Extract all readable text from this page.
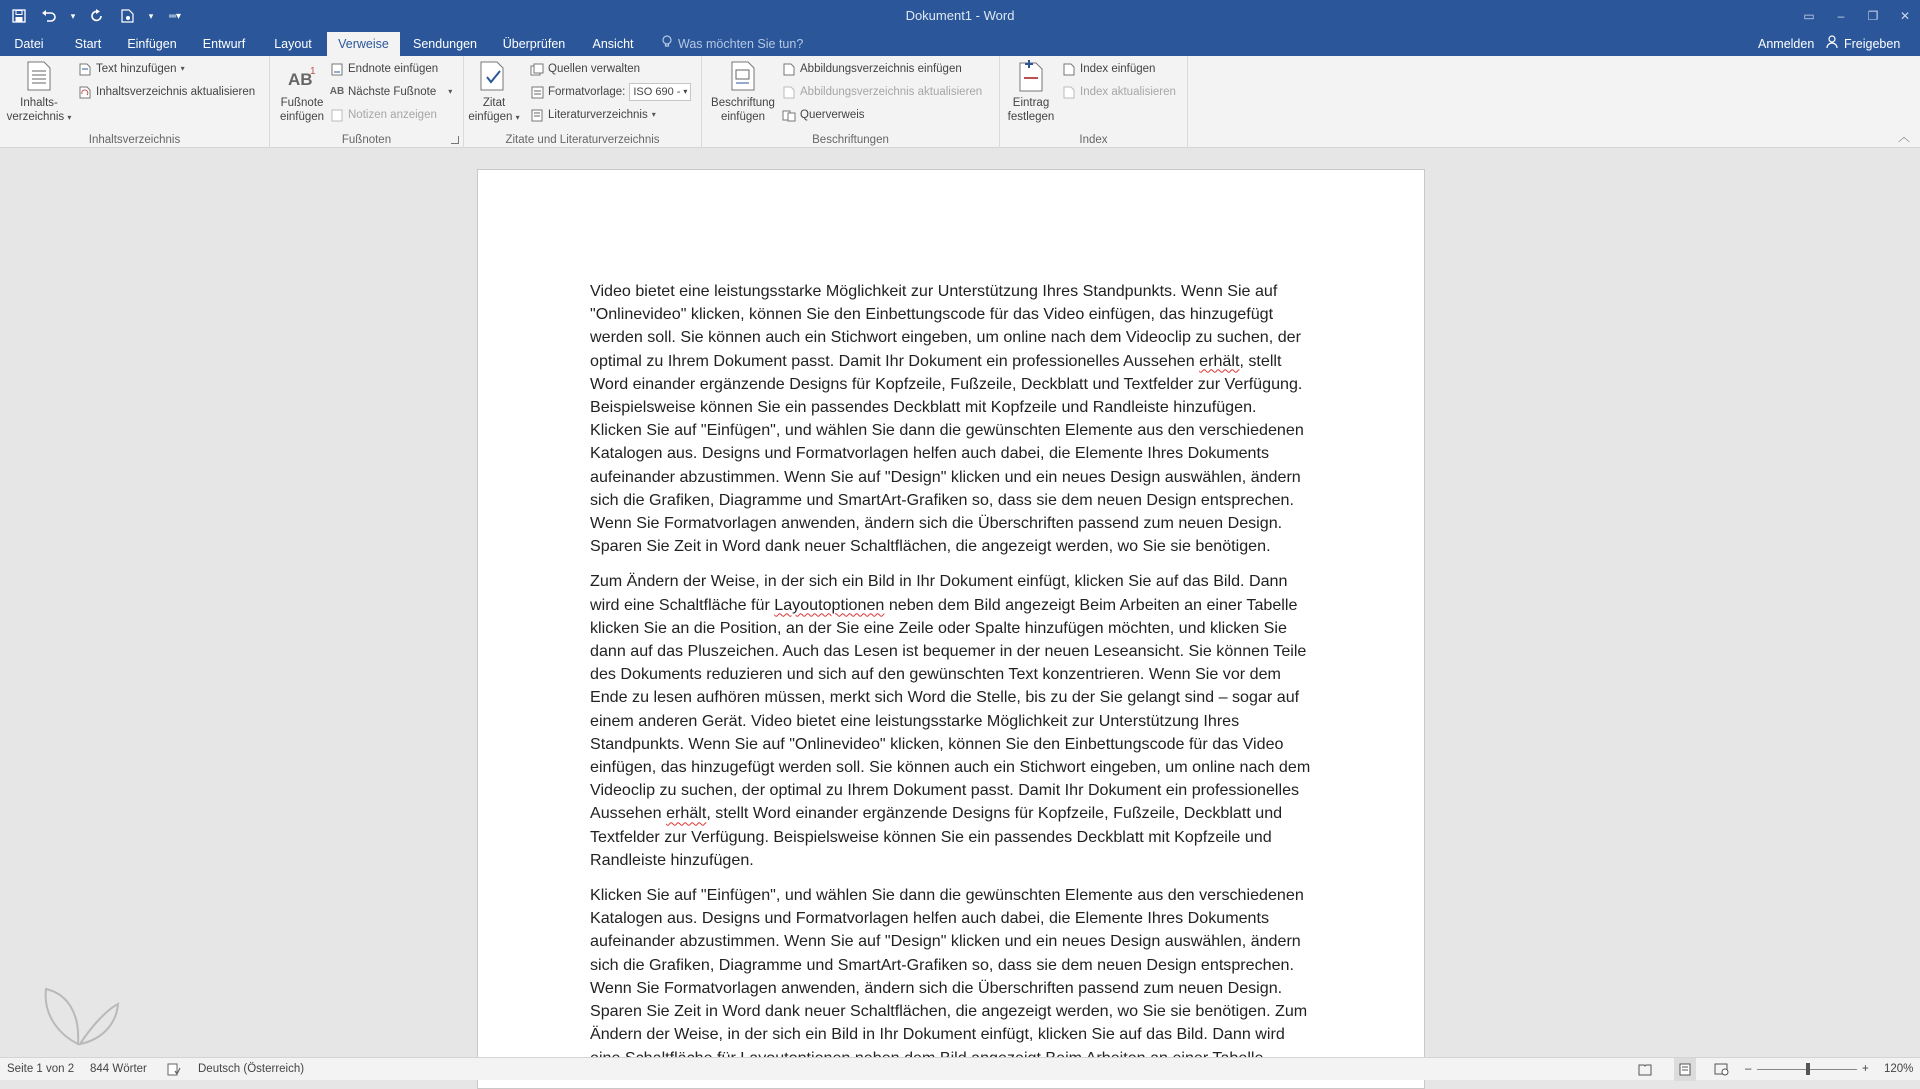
▾	▾	═▾	Dokument1 - Word	▭	–	❐	✕
Datei	Start	Einfügen	Entwurf	Layout	Verweise	Sendungen	Überprüfen	Ansicht	Was möchten Sie tun?	Anmelden Freigeben
Inhalts-
verzeichnis ▾
Text hinzufügen ▾
Inhaltsverzeichnis aktualisieren
Inhaltsverzeichnis
AB
1
Fußnote
einfügen
Endnote einfügen
AB Nächste Fußnote ▾
Notizen anzeigen
Fußnoten
Zitat
einfügen ▾
Quellen verwalten
Formatvorlage: ISO 690 - ▾
Literaturverzeichnis ▾
Zitate und Literaturverzeichnis
Beschriftung
einfügen
Abbildungsverzeichnis einfügen
Abbildungsverzeichnis aktualisieren
Querverweis
Beschriftungen
Eintrag
festlegen
Index einfügen
Index aktualisieren
Index	︿

Video bietet eine leistungsstarke Möglichkeit zur Unterstützung Ihres Standpunkts. Wenn Sie auf "Onlinevideo" klicken, können Sie den Einbettungscode für das Video einfügen, das hinzugefügt werden soll. Sie können auch ein Stichwort eingeben, um online nach dem Videoclip zu suchen, der optimal zu Ihrem Dokument passt. Damit Ihr Dokument ein professionelles Aussehen erhält, stellt Word einander ergänzende Designs für Kopfzeile, Fußzeile, Deckblatt und Textfelder zur Verfügung. Beispielsweise können Sie ein passendes Deckblatt mit Kopfzeile und Randleiste hinzufügen. Klicken Sie auf "Einfügen", und wählen Sie dann die gewünschten Elemente aus den verschiedenen Katalogen aus. Designs und Formatvorlagen helfen auch dabei, die Elemente Ihres Dokuments aufeinander abzustimmen. Wenn Sie auf "Design" klicken und ein neues Design auswählen, ändern sich die Grafiken, Diagramme und SmartArt-Grafiken so, dass sie dem neuen Design entsprechen. Wenn Sie Formatvorlagen anwenden, ändern sich die Überschriften passend zum neuen Design. Sparen Sie Zeit in Word dank neuer Schaltflächen, die angezeigt werden, wo Sie sie benötigen.

Zum Ändern der Weise, in der sich ein Bild in Ihr Dokument einfügt, klicken Sie auf das Bild. Dann wird eine Schaltfläche für Layoutoptionen neben dem Bild angezeigt Beim Arbeiten an einer Tabelle klicken Sie an die Position, an der Sie eine Zeile oder Spalte hinzufügen möchten, und klicken Sie dann auf das Pluszeichen. Auch das Lesen ist bequemer in der neuen Leseansicht. Sie können Teile des Dokuments reduzieren und sich auf den gewünschten Text konzentrieren. Wenn Sie vor dem Ende zu lesen aufhören müssen, merkt sich Word die Stelle, bis zu der Sie gelangt sind – sogar auf einem anderen Gerät. Video bietet eine leistungsstarke Möglichkeit zur Unterstützung Ihres Standpunkts. Wenn Sie auf "Onlinevideo" klicken, können Sie den Einbettungscode für das Video einfügen, das hinzugefügt werden soll. Sie können auch ein Stichwort eingeben, um online nach dem Videoclip zu suchen, der optimal zu Ihrem Dokument passt. Damit Ihr Dokument ein professionelles Aussehen erhält, stellt Word einander ergänzende Designs für Kopfzeile, Fußzeile, Deckblatt und Textfelder zur Verfügung. Beispielsweise können Sie ein passendes Deckblatt mit Kopfzeile und Randleiste hinzufügen.

Klicken Sie auf "Einfügen", und wählen Sie dann die gewünschten Elemente aus den verschiedenen Katalogen aus. Designs und Formatvorlagen helfen auch dabei, die Elemente Ihres Dokuments aufeinander abzustimmen. Wenn Sie auf "Design" klicken und ein neues Design auswählen, ändern sich die Grafiken, Diagramme und SmartArt-Grafiken so, dass sie dem neuen Design entsprechen. Wenn Sie Formatvorlagen anwenden, ändern sich die Überschriften passend zum neuen Design. Sparen Sie Zeit in Word dank neuer Schaltflächen, die angezeigt werden, wo Sie sie benötigen. Zum Ändern der Weise, in der sich ein Bild in Ihr Dokument einfügt, klicken Sie auf das Bild. Dann wird

Seite 1 von 2 844 Wörter	Deutsch (Österreich)	–	+ 120%
